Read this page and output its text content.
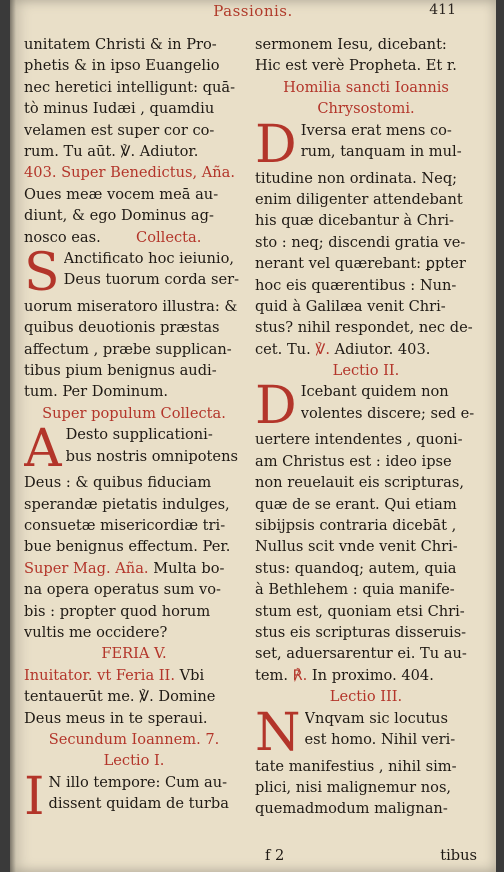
Passionis.	411
unitatem Christi & in Pro-
phetis & in ipso Euangelio
nec heretici intelligunt: quā-
tò minus Iudæi , quamdiu
velamen est super cor co-
rum. Tu aūt. ℣. Adiutor.
403. Super Benedictus, Aña.
Oues meæ vocem meā au-
diunt, & ego Dominus ag-
nosco eas. Collecta.
S Anctificato hoc ieiunio,
Deus tuorum corda ser-
uorum miseratoro illustra: &
quibus deuotionis præstas
affectum , præbe supplican-
tibus pium benignus audi-
tum. Per Dominum.
Super populum Collecta.
A Desto supplicationi-
bus nostris omnipotens
Deus : & quibus fiduciam
sperandæ pietatis indulges,
consuetæ misericordiæ tri-
bue benignus effectum. Per.
Super Mag. Aña. Multa bo-
na opera operatus sum vo-
bis : propter quod horum
vultis me occidere?
FERIA V.
Inuitator. vt Feria II. Vbi
tentauerūt me. ℣. Domine
Deus meus in te speraui.
Secundum Ioannem. 7.
Lectio I.
I N illo tempore: Cum au-
dissent quidam de turba
sermonem Iesu, dicebant:
Hic est verè Propheta. Et r.
Homilia sancti Ioannis
Chrysostomi.
D Iversa erat mens co-
rum, tanquam in mul-
titudine non ordinata. Neq;
enim diligenter attendebant
his quæ dicebantur à Chri-
sto : neq; discendi gratia ve-
nerant vel quærebant: ꝑpter
hoc eis quærentibus : Nun-
quid à Galilæa venit Chri-
stus? nihil respondet, nec de-
cet. Tu. ℣. Adiutor. 403.
Lectio II.
D Icebant quidem non
volentes discere; sed e-
uertere intendentes , quoni-
am Christus est : ideo ipse
non reuelauit eis scripturas,
quæ de se erant. Qui etiam
sibijpsis contraria dicebāt ,
Nullus scit vnde venit Chri-
stus: quandoq; autem, quia
à Bethlehem : quia manife-
stum est, quoniam etsi Chri-
stus eis scripturas disseruis-
set, aduersarentur ei. Tu au-
tem. ℟. In proximo. 404.
Lectio III.
N Vnqvam sic locutus
est homo. Nihil veri-
tate manifestius , nihil sim-
plici, nisi malignemur nos,
quemadmodum malignan-
f 2	tibus
